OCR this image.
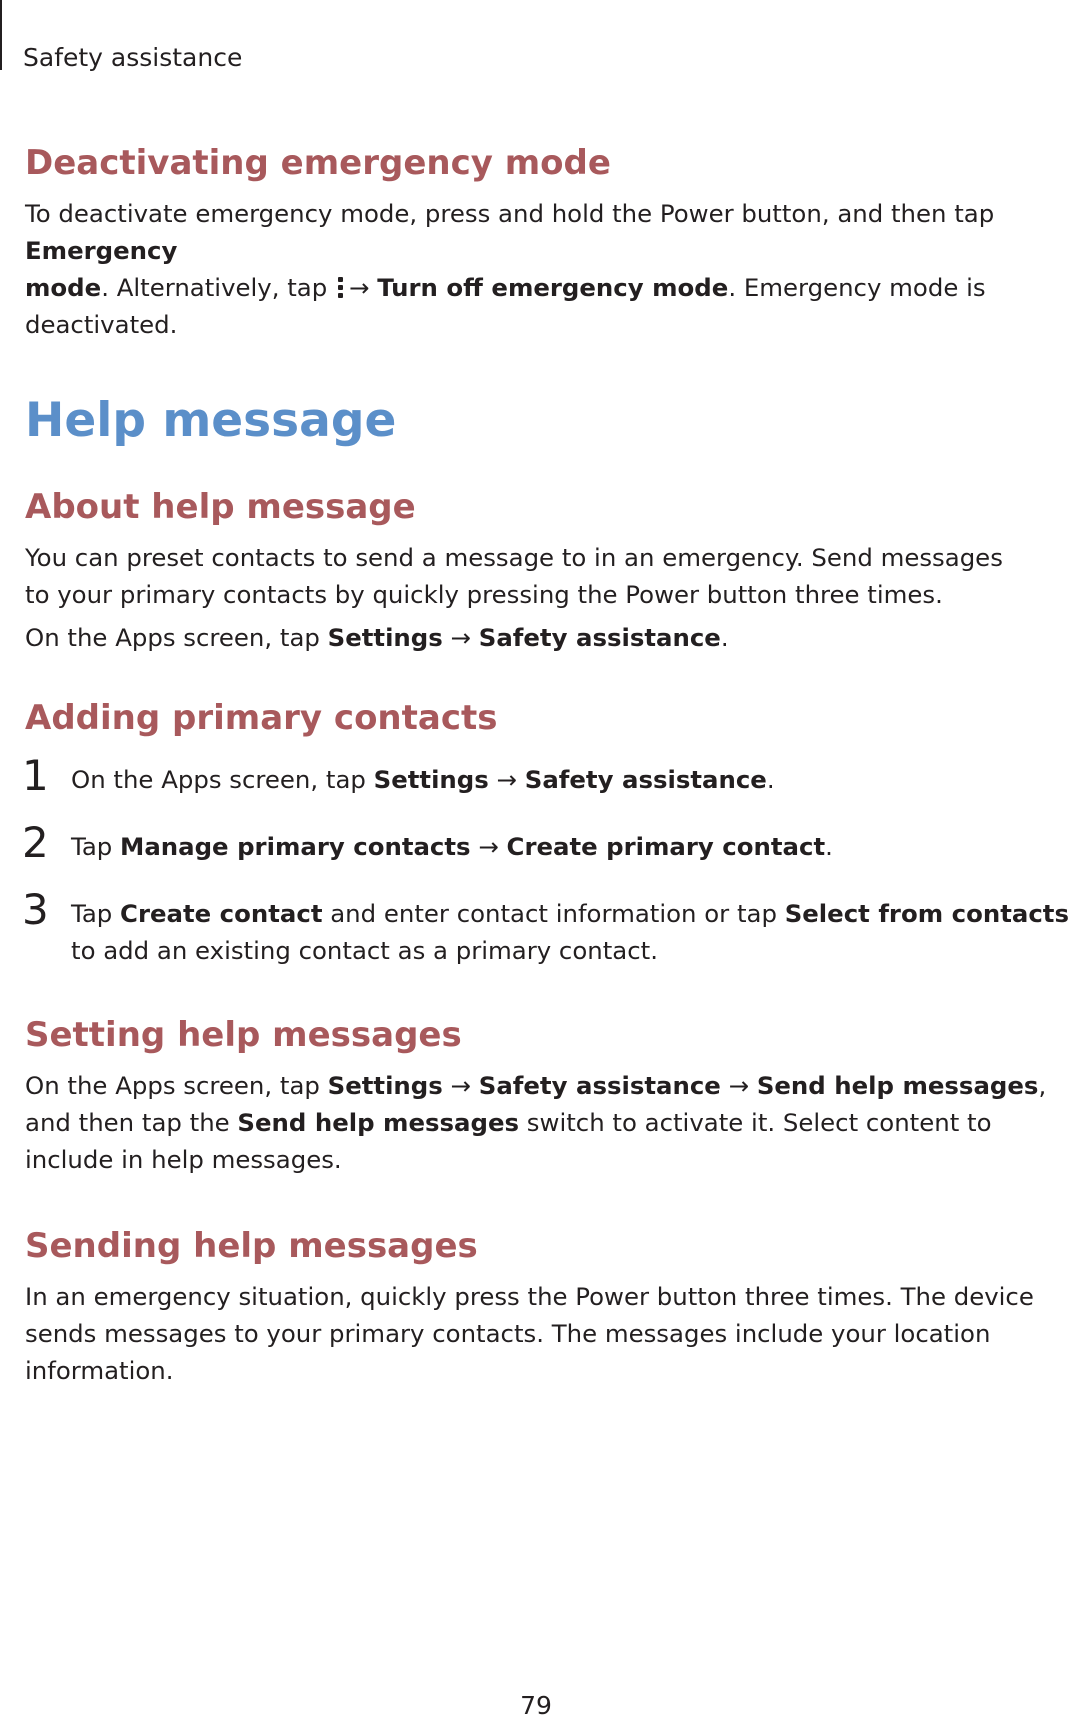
Safety assistance
Deactivating emergency mode

To deactivate emergency mode, press and hold the Power button, and then tap Emergency
mode. Alternatively, tap
→ Turn off emergency mode. Emergency mode is deactivated.

Help message
About help message

You can preset contacts to send a message to in an emergency. Send messages to your primary contacts by quickly pressing the Power button three times.

On the Apps screen, tap Settings → Safety assistance.

Adding primary contacts
1 On the Apps screen, tap Settings → Safety assistance.

2 Tap Manage primary contacts → Create primary contact.

3 Tap Create contact and enter contact information or tap Select from contacts to add an existing contact as a primary contact.

Setting help messages

On the Apps screen, tap Settings → Safety assistance → Send help messages, and then tap the Send help messages switch to activate it. Select content to include in help messages.

Sending help messages

In an emergency situation, quickly press the Power button three times. The device sends messages to your primary contacts. The messages include your location information.

79
